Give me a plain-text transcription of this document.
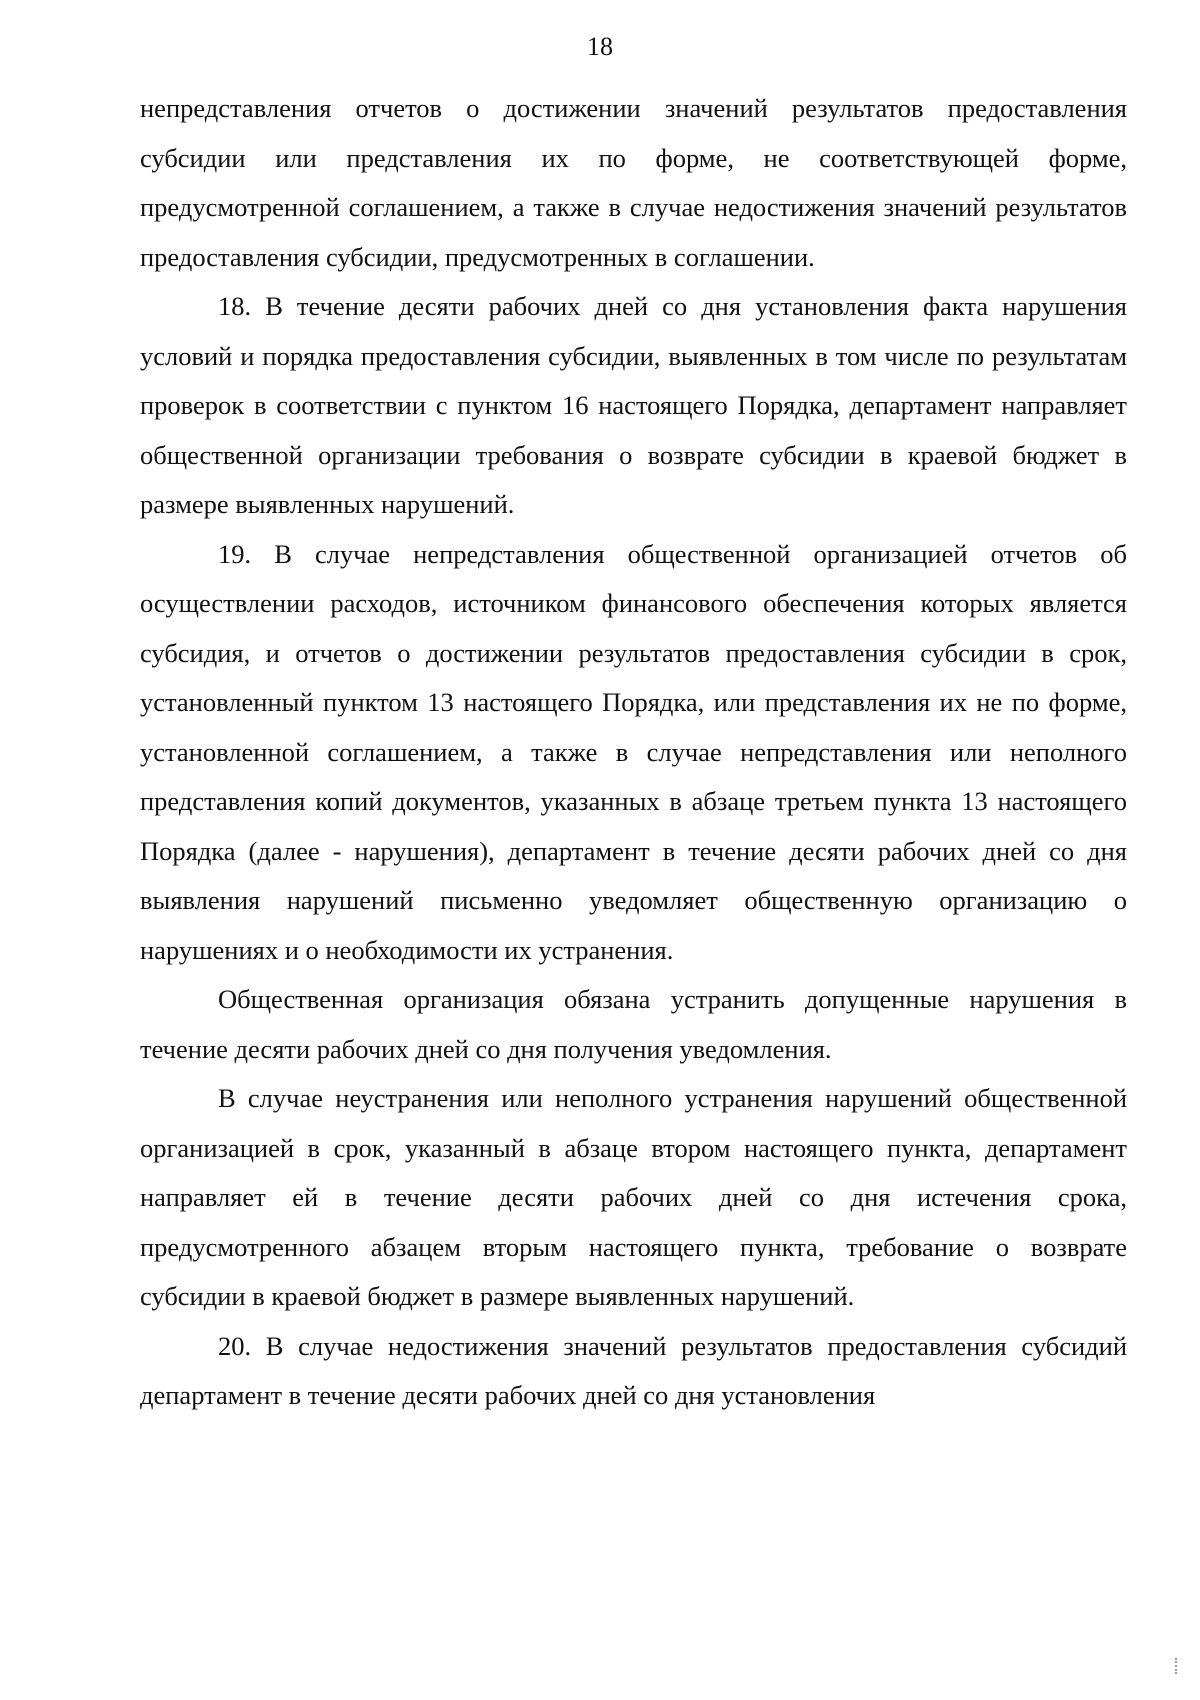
18

непредставления отчетов о достижении значений результатов предоставления субсидии или представления их по форме, не соответствующей форме, предусмотренной соглашением, а также в случае недостижения значений результатов предоставления субсидии, предусмотренных в соглашении.

18. В течение десяти рабочих дней со дня установления факта нарушения условий и порядка предоставления субсидии, выявленных в том числе по результатам проверок в соответствии с пунктом 16 настоящего Порядка, департамент направляет общественной организации требования о возврате субсидии в краевой бюджет в размере выявленных нарушений.

19. В случае непредставления общественной организацией отчетов об осуществлении расходов, источником финансового обеспечения которых является субсидия, и отчетов о достижении результатов предоставления субсидии в срок, установленный пунктом 13 настоящего Порядка, или представления их не по форме, установленной соглашением, а также в случае непредставления или неполного представления копий документов, указанных в абзаце третьем пункта 13 настоящего Порядка (далее - нарушения), департамент в течение десяти рабочих дней со дня выявления нарушений письменно уведомляет общественную организацию о нарушениях и о необходимости их устранения.

Общественная организация обязана устранить допущенные нарушения в течение десяти рабочих дней со дня получения уведомления.

В случае неустранения или неполного устранения нарушений общественной организацией в срок, указанный в абзаце втором настоящего пункта, департамент направляет ей в течение десяти рабочих дней со дня истечения срока, предусмотренного абзацем вторым настоящего пункта, требование о возврате субсидии в краевой бюджет в размере выявленных нарушений.

20. В случае недостижения значений результатов предоставления субсидий департамент в течение десяти рабочих дней со дня установления
